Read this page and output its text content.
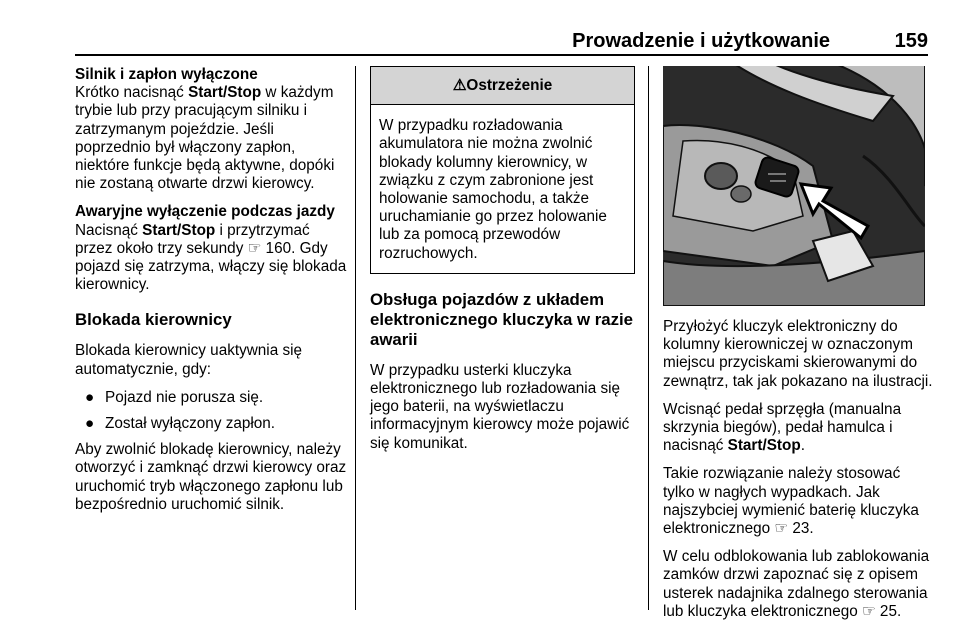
Prowadzenie i użytkowanie	159

Silnik i zapłon wyłączone

Krótko nacisnąć Start/Stop w każdym trybie lub przy pracującym silniku i zatrzymanym pojeździe. Jeśli poprzednio był włączony zapłon, niektóre funkcje będą aktywne, dopóki nie zostaną otwarte drzwi kierowcy.

Awaryjne wyłączenie podczas jazdy

Nacisnąć Start/Stop i przytrzymać przez około trzy sekundy ☞ 160. Gdy pojazd się zatrzyma, włączy się blokada kierownicy.

Blokada kierownicy

Blokada kierownicy uaktywnia się automatycznie, gdy:

● Pojazd nie porusza się.
● Został wyłączony zapłon.

Aby zwolnić blokadę kierownicy, należy otworzyć i zamknąć drzwi kierowcy oraz uruchomić tryb włączonego zapłonu lub bezpośrednio uruchomić silnik.

⚠Ostrzeżenie
W przypadku rozładowania akumulatora nie można zwolnić blokady kolumny kierownicy, w związku z czym zabronione jest holowanie samochodu, a także uruchamianie go przez holowanie lub za pomocą przewodów rozruchowych.
Obsługa pojazdów z układem elektronicznego kluczyka w razie awarii

W przypadku usterki kluczyka elektronicznego lub rozładowania się jego baterii, na wyświetlaczu informacyjnym kierowcy może pojawić się komunikat.

Przyłożyć kluczyk elektroniczny do kolumny kierowniczej w oznaczonym miejscu przyciskami skierowanymi do zewnątrz, tak jak pokazano na ilustracji.

Wcisnąć pedał sprzęgła (manualna skrzynia biegów), pedał hamulca i nacisnąć Start/Stop.

Takie rozwiązanie należy stosować tylko w nagłych wypadkach. Jak najszybciej wymienić baterię kluczyka elektronicznego ☞ 23.

W celu odblokowania lub zablokowania zamków drzwi zapoznać się z opisem usterek nadajnika zdalnego sterowania lub kluczyka elektronicznego ☞ 25.
